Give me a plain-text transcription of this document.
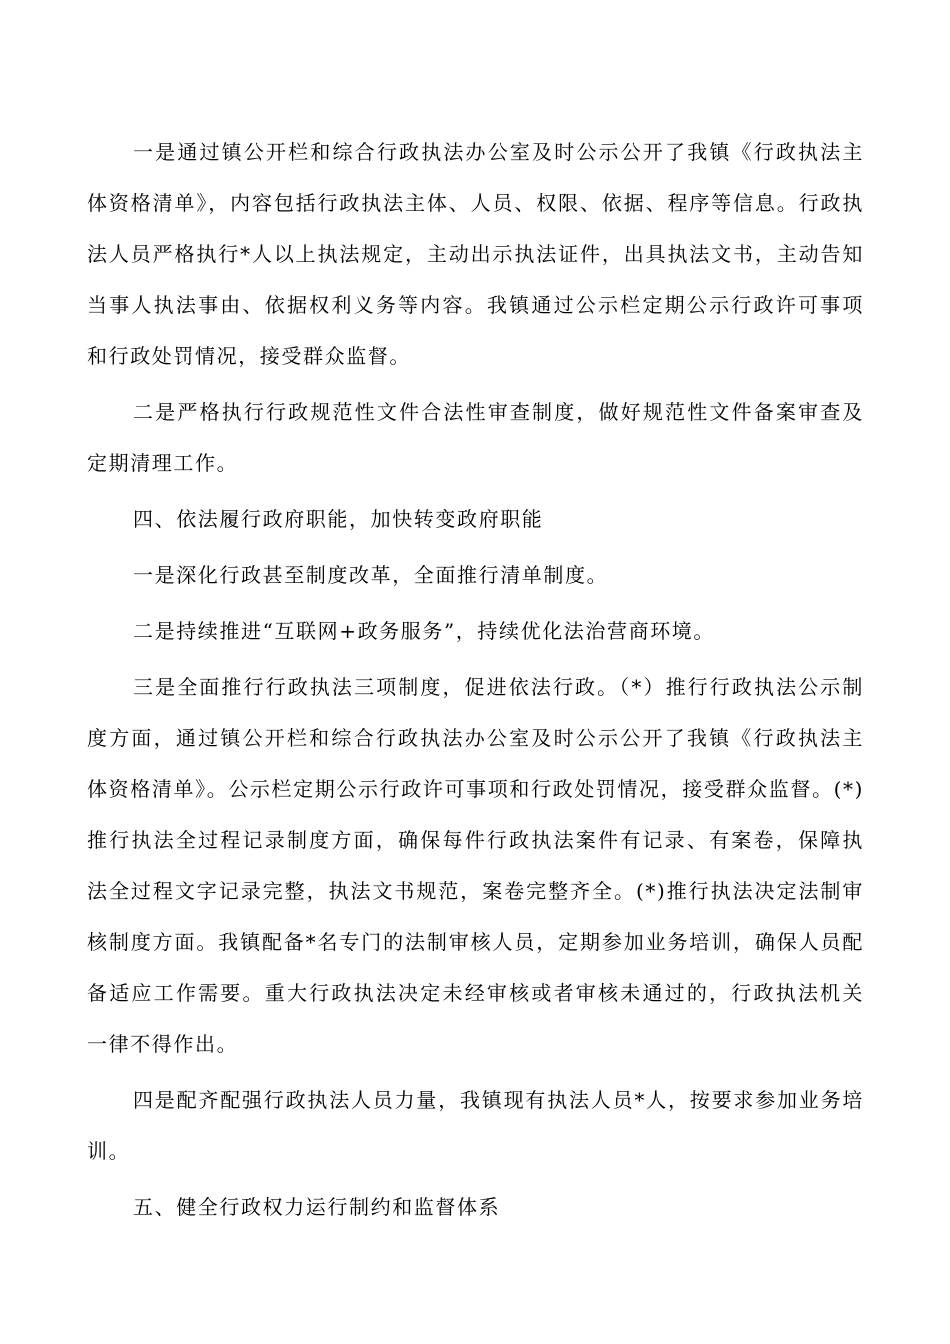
一是通过镇公开栏和综合行政执法办公室及时公示公开了我镇《行政执法主体资格清单》，内容包括行政执法主体、人员、权限、依据、程序等信息。行政执法人员严格执行*人以上执法规定，主动出示执法证件，出具执法文书，主动告知当事人执法事由、依据权利义务等内容。我镇通过公示栏定期公示行政许可事项和行政处罚情况，接受群众监督。

二是严格执行行政规范性文件合法性审查制度，做好规范性文件备案审查及定期清理工作。

四、依法履行政府职能，加快转变政府职能

一是深化行政甚至制度改革，全面推行清单制度。

二是持续推进“互联网+政务服务”，持续优化法治营商环境。

三是全面推行行政执法三项制度，促进依法行政。（*）推行行政执法公示制度方面，通过镇公开栏和综合行政执法办公室及时公示公开了我镇《行政执法主体资格清单》。公示栏定期公示行政许可事项和行政处罚情况，接受群众监督。(*)推行执法全过程记录制度方面，确保每件行政执法案件有记录、有案卷，保障执法全过程文字记录完整，执法文书规范，案卷完整齐全。(*)推行执法决定法制审核制度方面。我镇配备*名专门的法制审核人员，定期参加业务培训，确保人员配备适应工作需要。重大行政执法决定未经审核或者审核未通过的，行政执法机关一律不得作出。

四是配齐配强行政执法人员力量，我镇现有执法人员*人，按要求参加业务培训。

五、健全行政权力运行制约和监督体系
